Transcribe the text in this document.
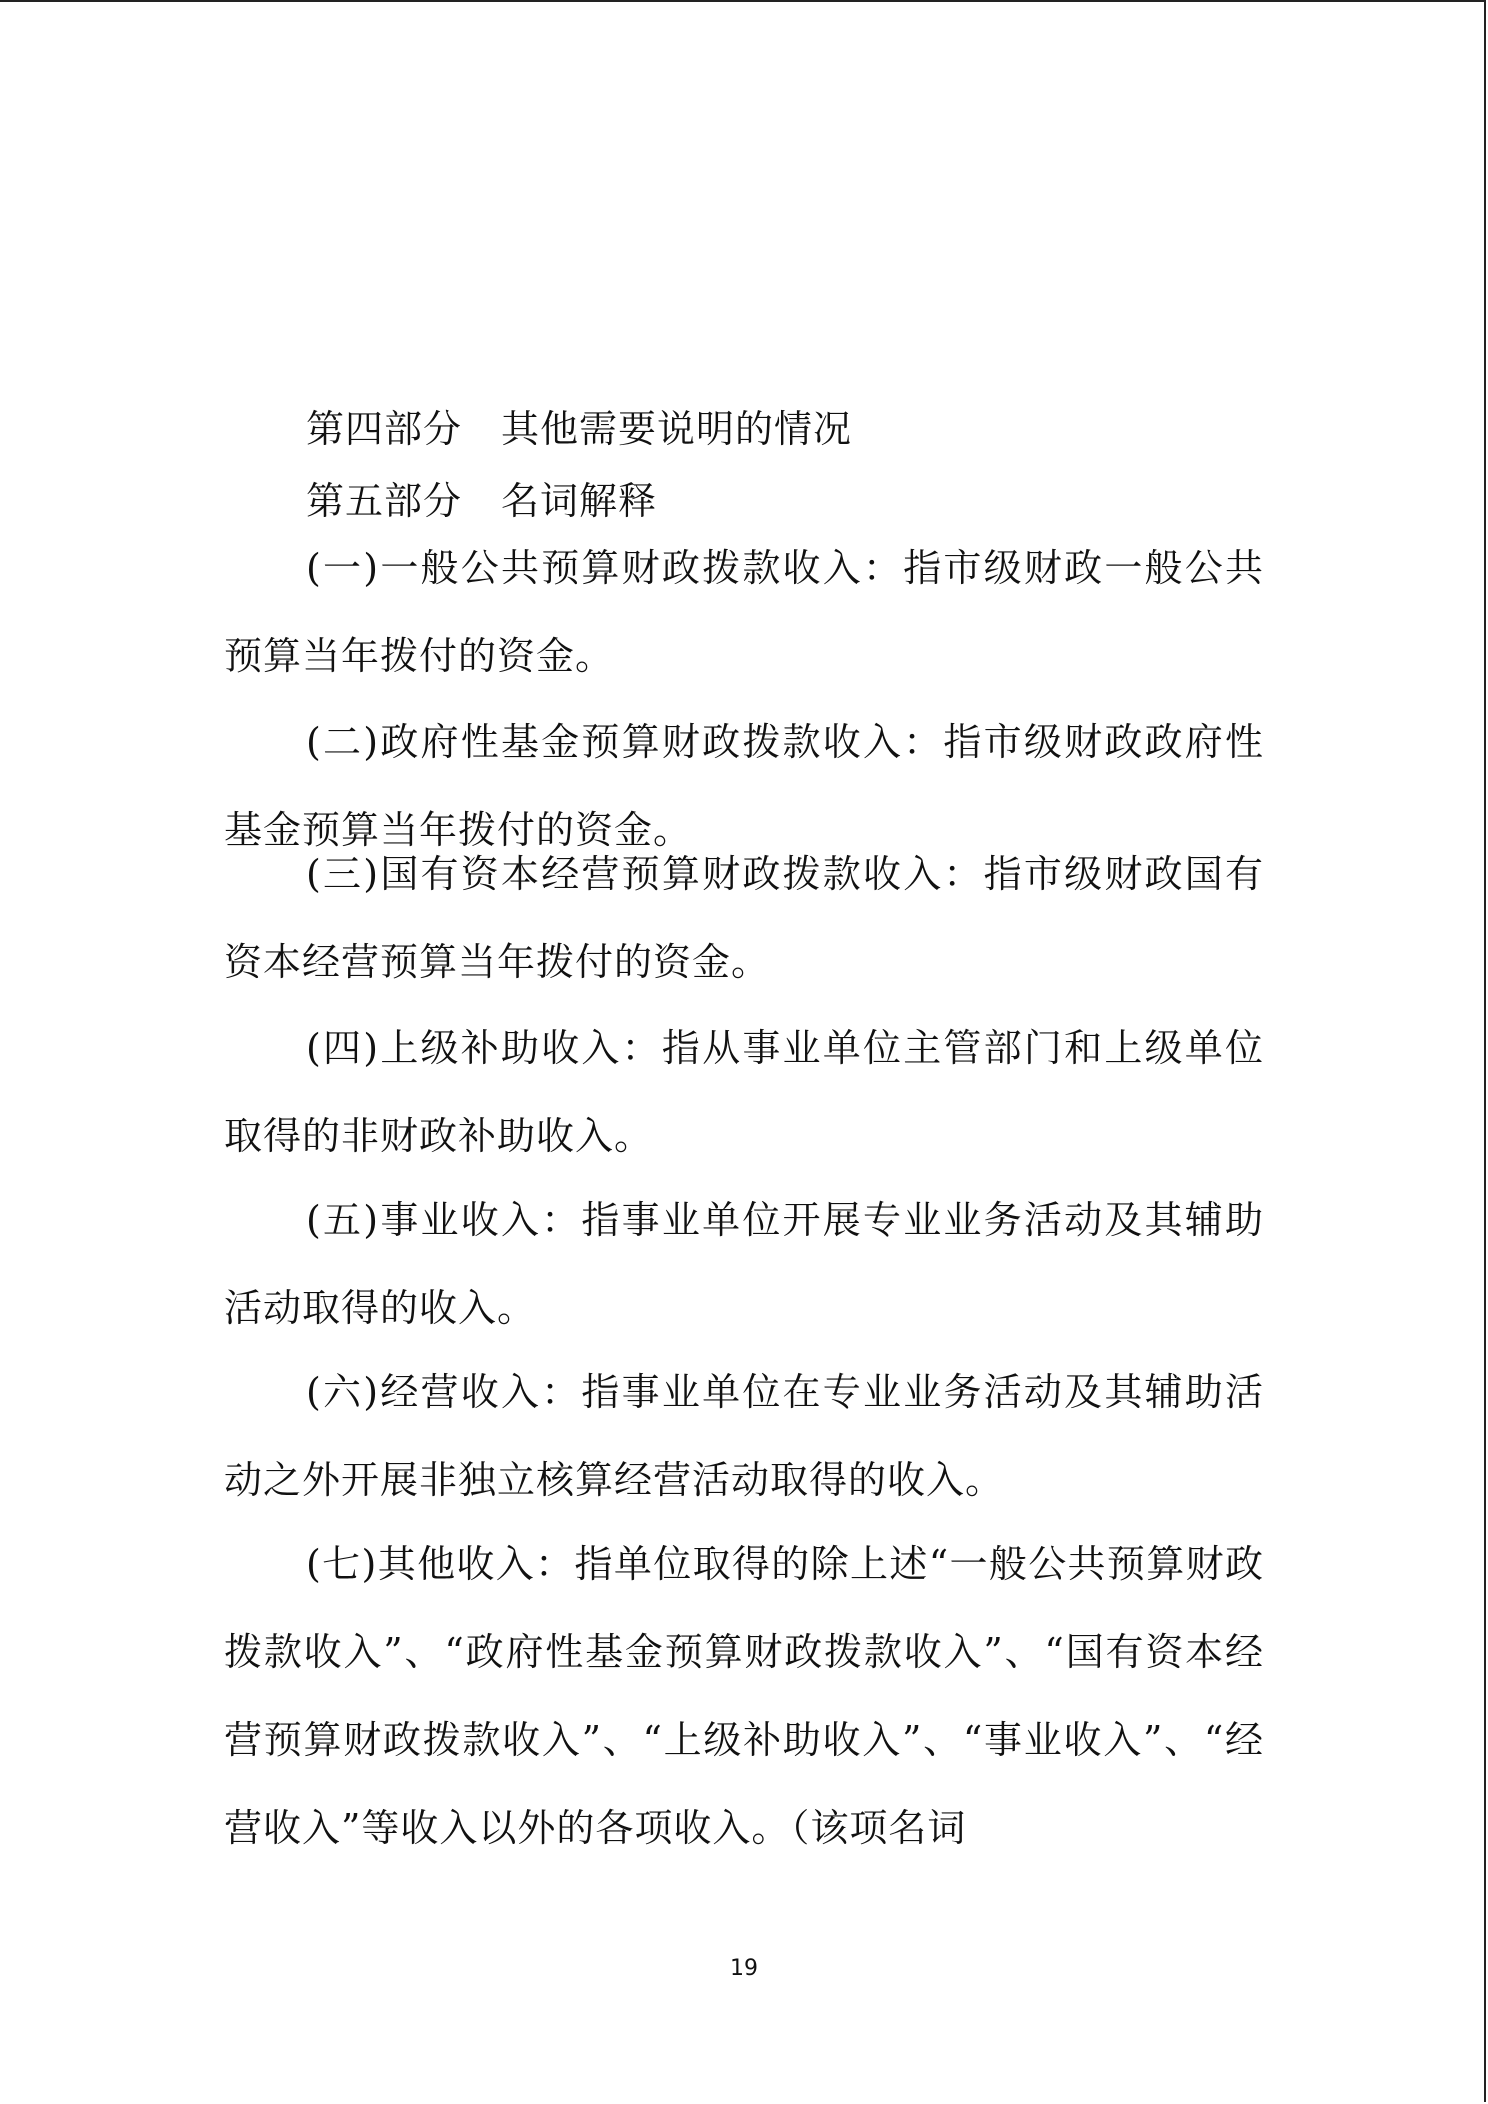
第四部分　其他需要说明的情况
第五部分　名词解释

(一)一般公共预算财政拨款收入：指市级财政一般公共预算当年拨付的资金。

(二)政府性基金预算财政拨款收入：指市级财政政府性基金预算当年拨付的资金。

(三)国有资本经营预算财政拨款收入：指市级财政国有资本经营预算当年拨付的资金。

(四)上级补助收入：指从事业单位主管部门和上级单位取得的非财政补助收入。

(五)事业收入：指事业单位开展专业业务活动及其辅助活动取得的收入。

(六)经营收入：指事业单位在专业业务活动及其辅助活动之外开展非独立核算经营活动取得的收入。

(七)其他收入：指单位取得的除上述“一般公共预算财政拨款收入”、“政府性基金预算财政拨款收入”、“国有资本经营预算财政拨款收入”、“上级补助收入”、“事业收入”、“经营收入”等收入以外的各项收入。（该项名词

19
